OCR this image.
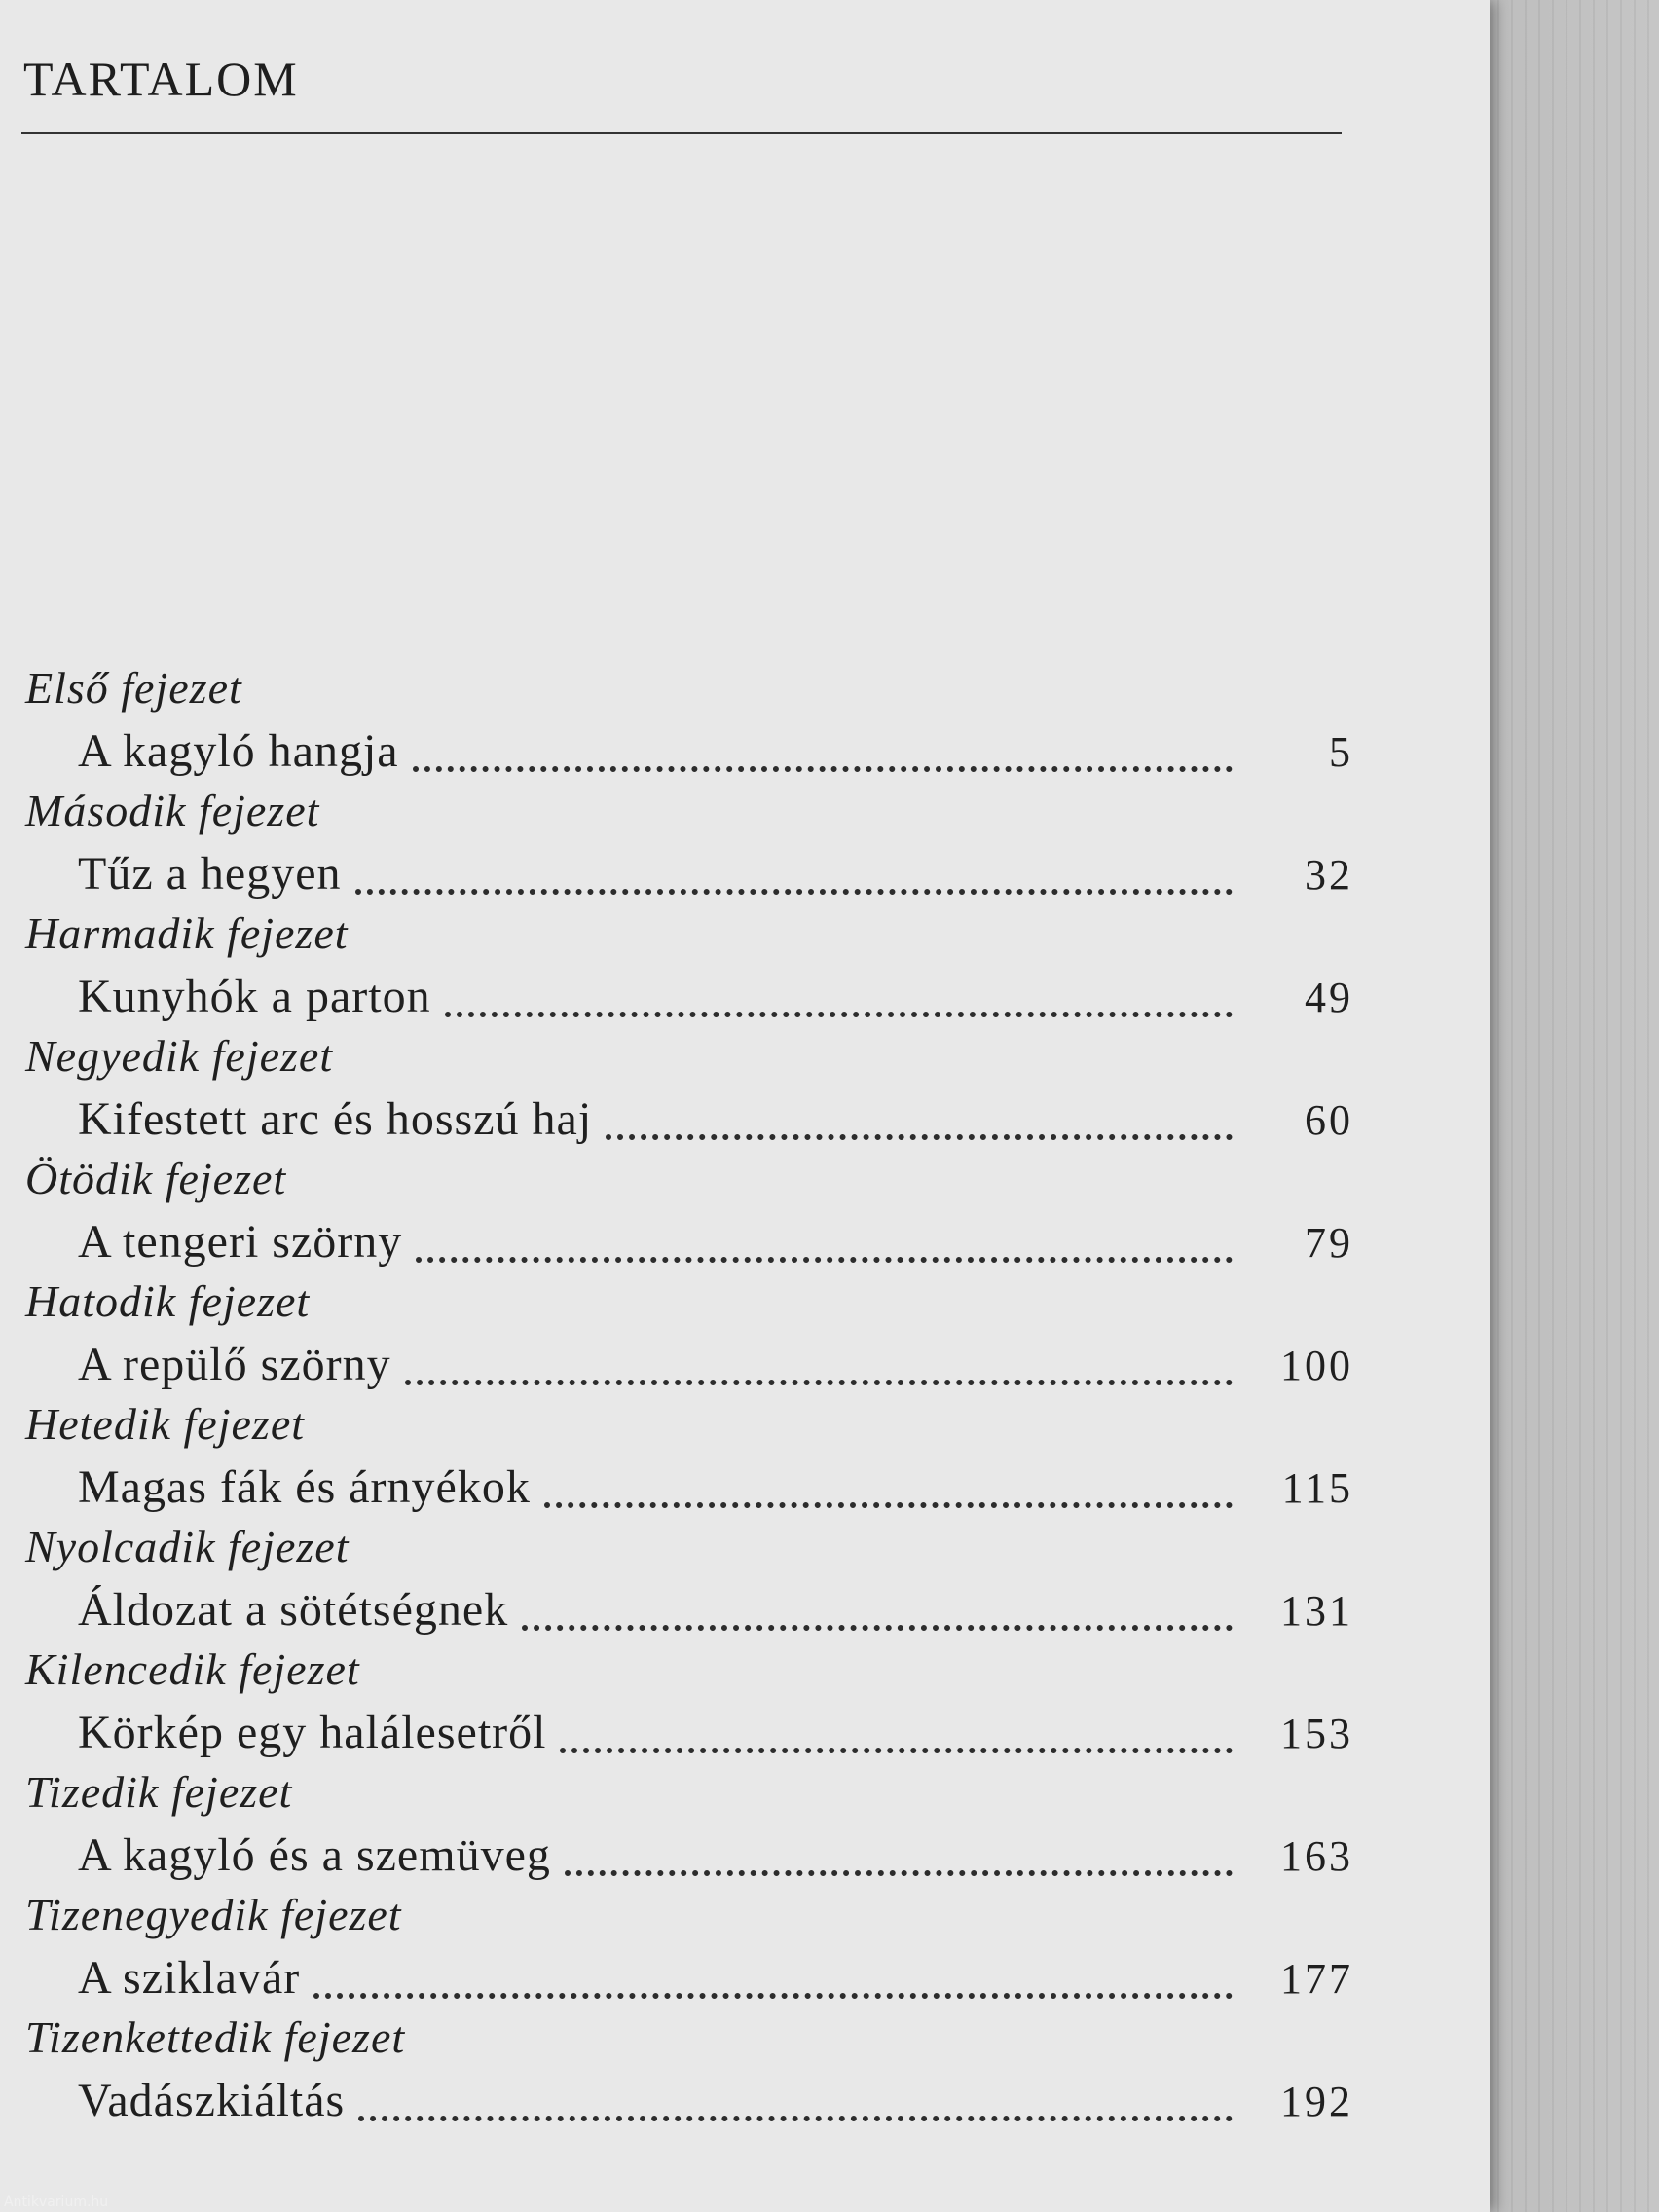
TARTALOM
Első fejezet
A kagyló hangja	5
Második fejezet
Tűz a hegyen	32
Harmadik fejezet
Kunyhók a parton	49
Negyedik fejezet
Kifestett arc és hosszú haj	60
Ötödik fejezet
A tengeri szörny	79
Hatodik fejezet
A repülő szörny	100
Hetedik fejezet
Magas fák és árnyékok	115
Nyolcadik fejezet
Áldozat a sötétségnek	131
Kilencedik fejezet
Körkép egy halálesetről	153
Tizedik fejezet
A kagyló és a szemüveg	163
Tizenegyedik fejezet
A sziklavár	177
Tizenkettedik fejezet
Vadászkiáltás	192
Antikvarium.hu
